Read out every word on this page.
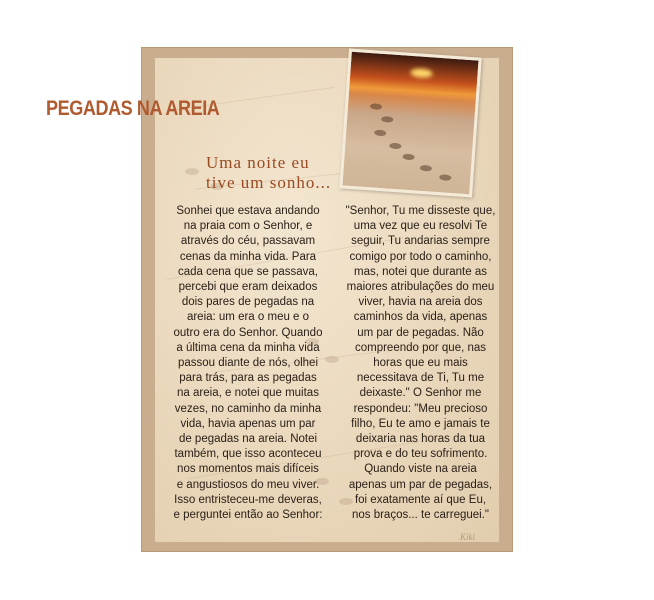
PEGADAS NA AREIA

Uma noite eu
tive um sonho...

Sonhei que estava andando
na praia com o Senhor, e
através do céu, passavam
cenas da minha vida. Para
cada cena que se passava,
percebi que eram deixados
dois pares de pegadas na
areia: um era o meu e o
outro era do Senhor. Quando
a última cena da minha vida
passou diante de nós, olhei
para trás, para as pegadas
na areia, e notei que muitas
vezes, no caminho da minha
vida, havia apenas um par
de pegadas na areia. Notei
também, que isso aconteceu
nos momentos mais difíceis
e angustiosos do meu viver.
Isso entristeceu-me deveras,
e perguntei então ao Senhor:

"Senhor, Tu me disseste que,
uma vez que eu resolvi Te
seguir, Tu andarias sempre
comigo por todo o caminho,
mas, notei que durante as
maiores atribulações do meu
viver, havia na areia dos
caminhos da vida, apenas
um par de pegadas. Não
compreendo por que, nas
horas que eu mais
necessitava de Ti, Tu me
deixaste." O Senhor me
respondeu: "Meu precioso
filho, Eu te amo e jamais te
deixaria nas horas da tua
prova e do teu sofrimento.
Quando viste na areia
apenas um par de pegadas,
foi exatamente aí que Eu,
nos braços... te carreguei."

Kiki
